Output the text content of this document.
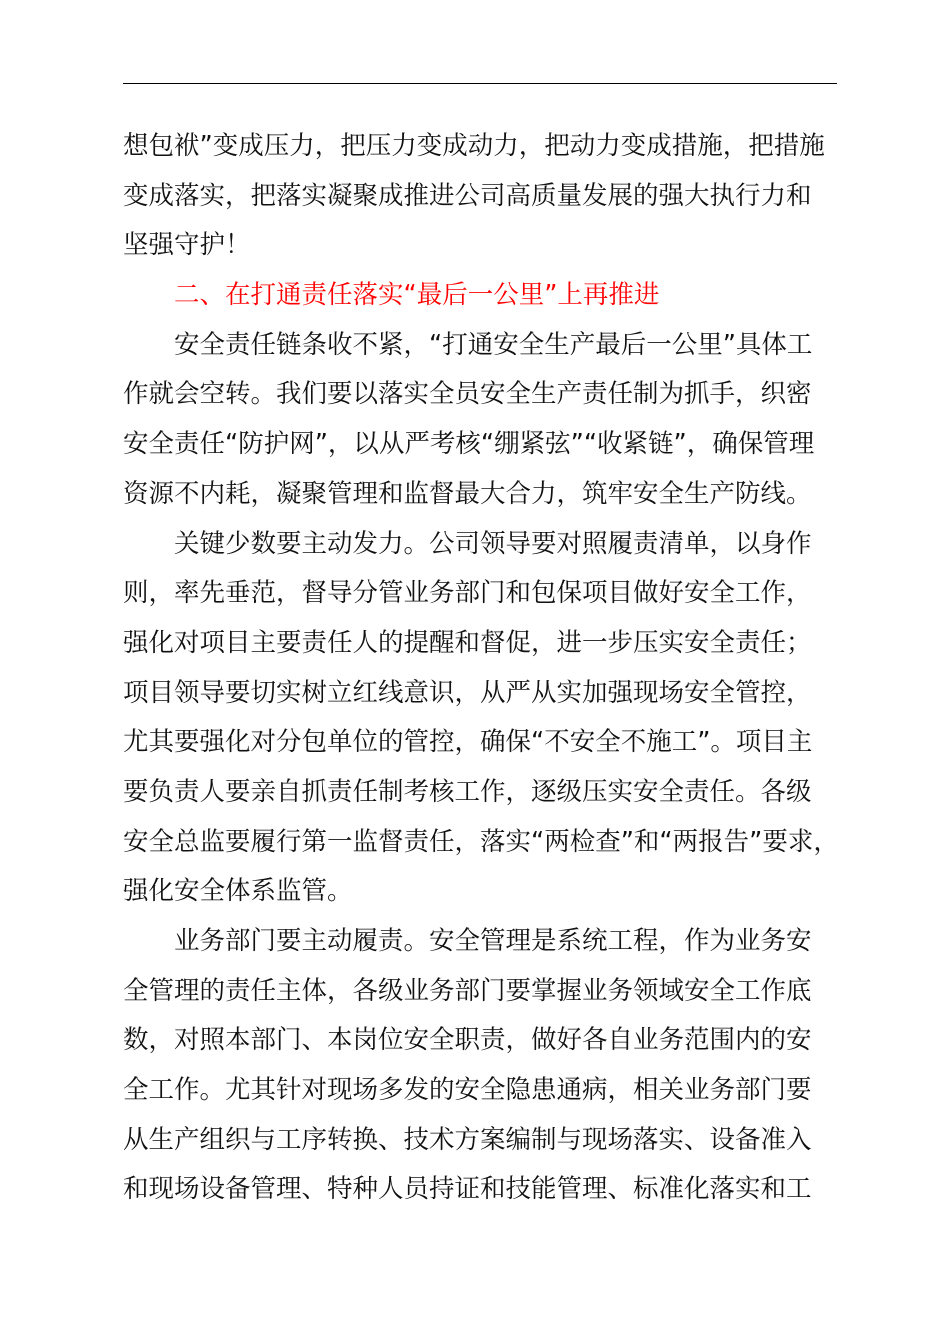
想包袱”变成压力，把压力变成动力，把动力变成措施，把措施
变成落实，把落实凝聚成推进公司高质量发展的强大执行力和
坚强守护！
二、在打通责任落实“最后一公里”上再推进
安全责任链条收不紧，“打通安全生产最后一公里”具体工
作就会空转。我们要以落实全员安全生产责任制为抓手，织密
安全责任“防护网”，以从严考核“绷紧弦”“收紧链”，确保管理
资源不内耗，凝聚管理和监督最大合力，筑牢安全生产防线。
关键少数要主动发力。公司领导要对照履责清单，以身作
则，率先垂范，督导分管业务部门和包保项目做好安全工作，
强化对项目主要责任人的提醒和督促，进一步压实安全责任；
项目领导要切实树立红线意识，从严从实加强现场安全管控，
尤其要强化对分包单位的管控，确保“不安全不施工”。项目主
要负责人要亲自抓责任制考核工作，逐级压实安全责任。各级
安全总监要履行第一监督责任，落实“两检查”和“两报告”要求，
强化安全体系监管。
业务部门要主动履责。安全管理是系统工程，作为业务安
全管理的责任主体，各级业务部门要掌握业务领域安全工作底
数，对照本部门、本岗位安全职责，做好各自业务范围内的安
全工作。尤其针对现场多发的安全隐患通病，相关业务部门要
从生产组织与工序转换、技术方案编制与现场落实、设备准入
和现场设备管理、特种人员持证和技能管理、标准化落实和工
